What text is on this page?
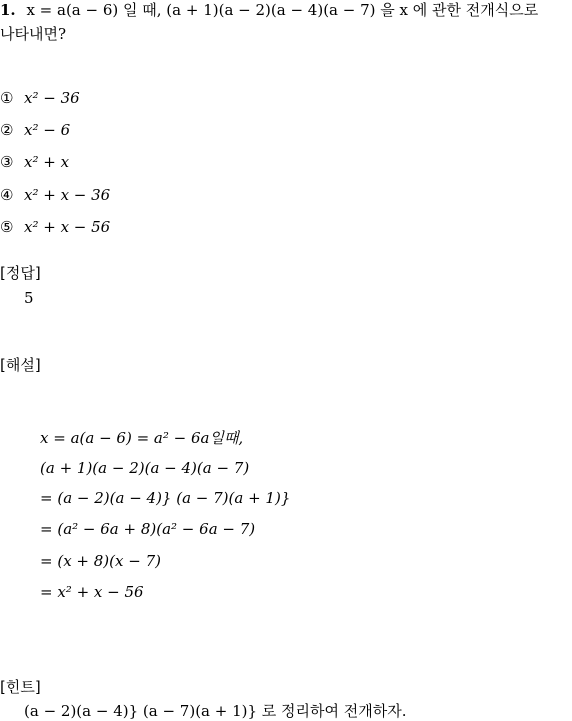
1. x = a(a − 6) 일 때, (a + 1)(a − 2)(a − 4)(a − 7) 을 x 에 관한 전개식으로
나타내면?
① x² − 36
② x² − 6
③ x² + x
④ x² + x − 36
⑤ x² + x − 56
[정답]
5
[해설]
x = a(a − 6) = a² − 6a일때,
(a + 1)(a − 2)(a − 4)(a − 7)
= (a − 2)(a − 4)} (a − 7)(a + 1)}
= (a² − 6a + 8)(a² − 6a − 7)
= (x + 8)(x − 7)
= x² + x − 56
[힌트]
(a − 2)(a − 4)} (a − 7)(a + 1)} 로 정리하여 전개하자.
